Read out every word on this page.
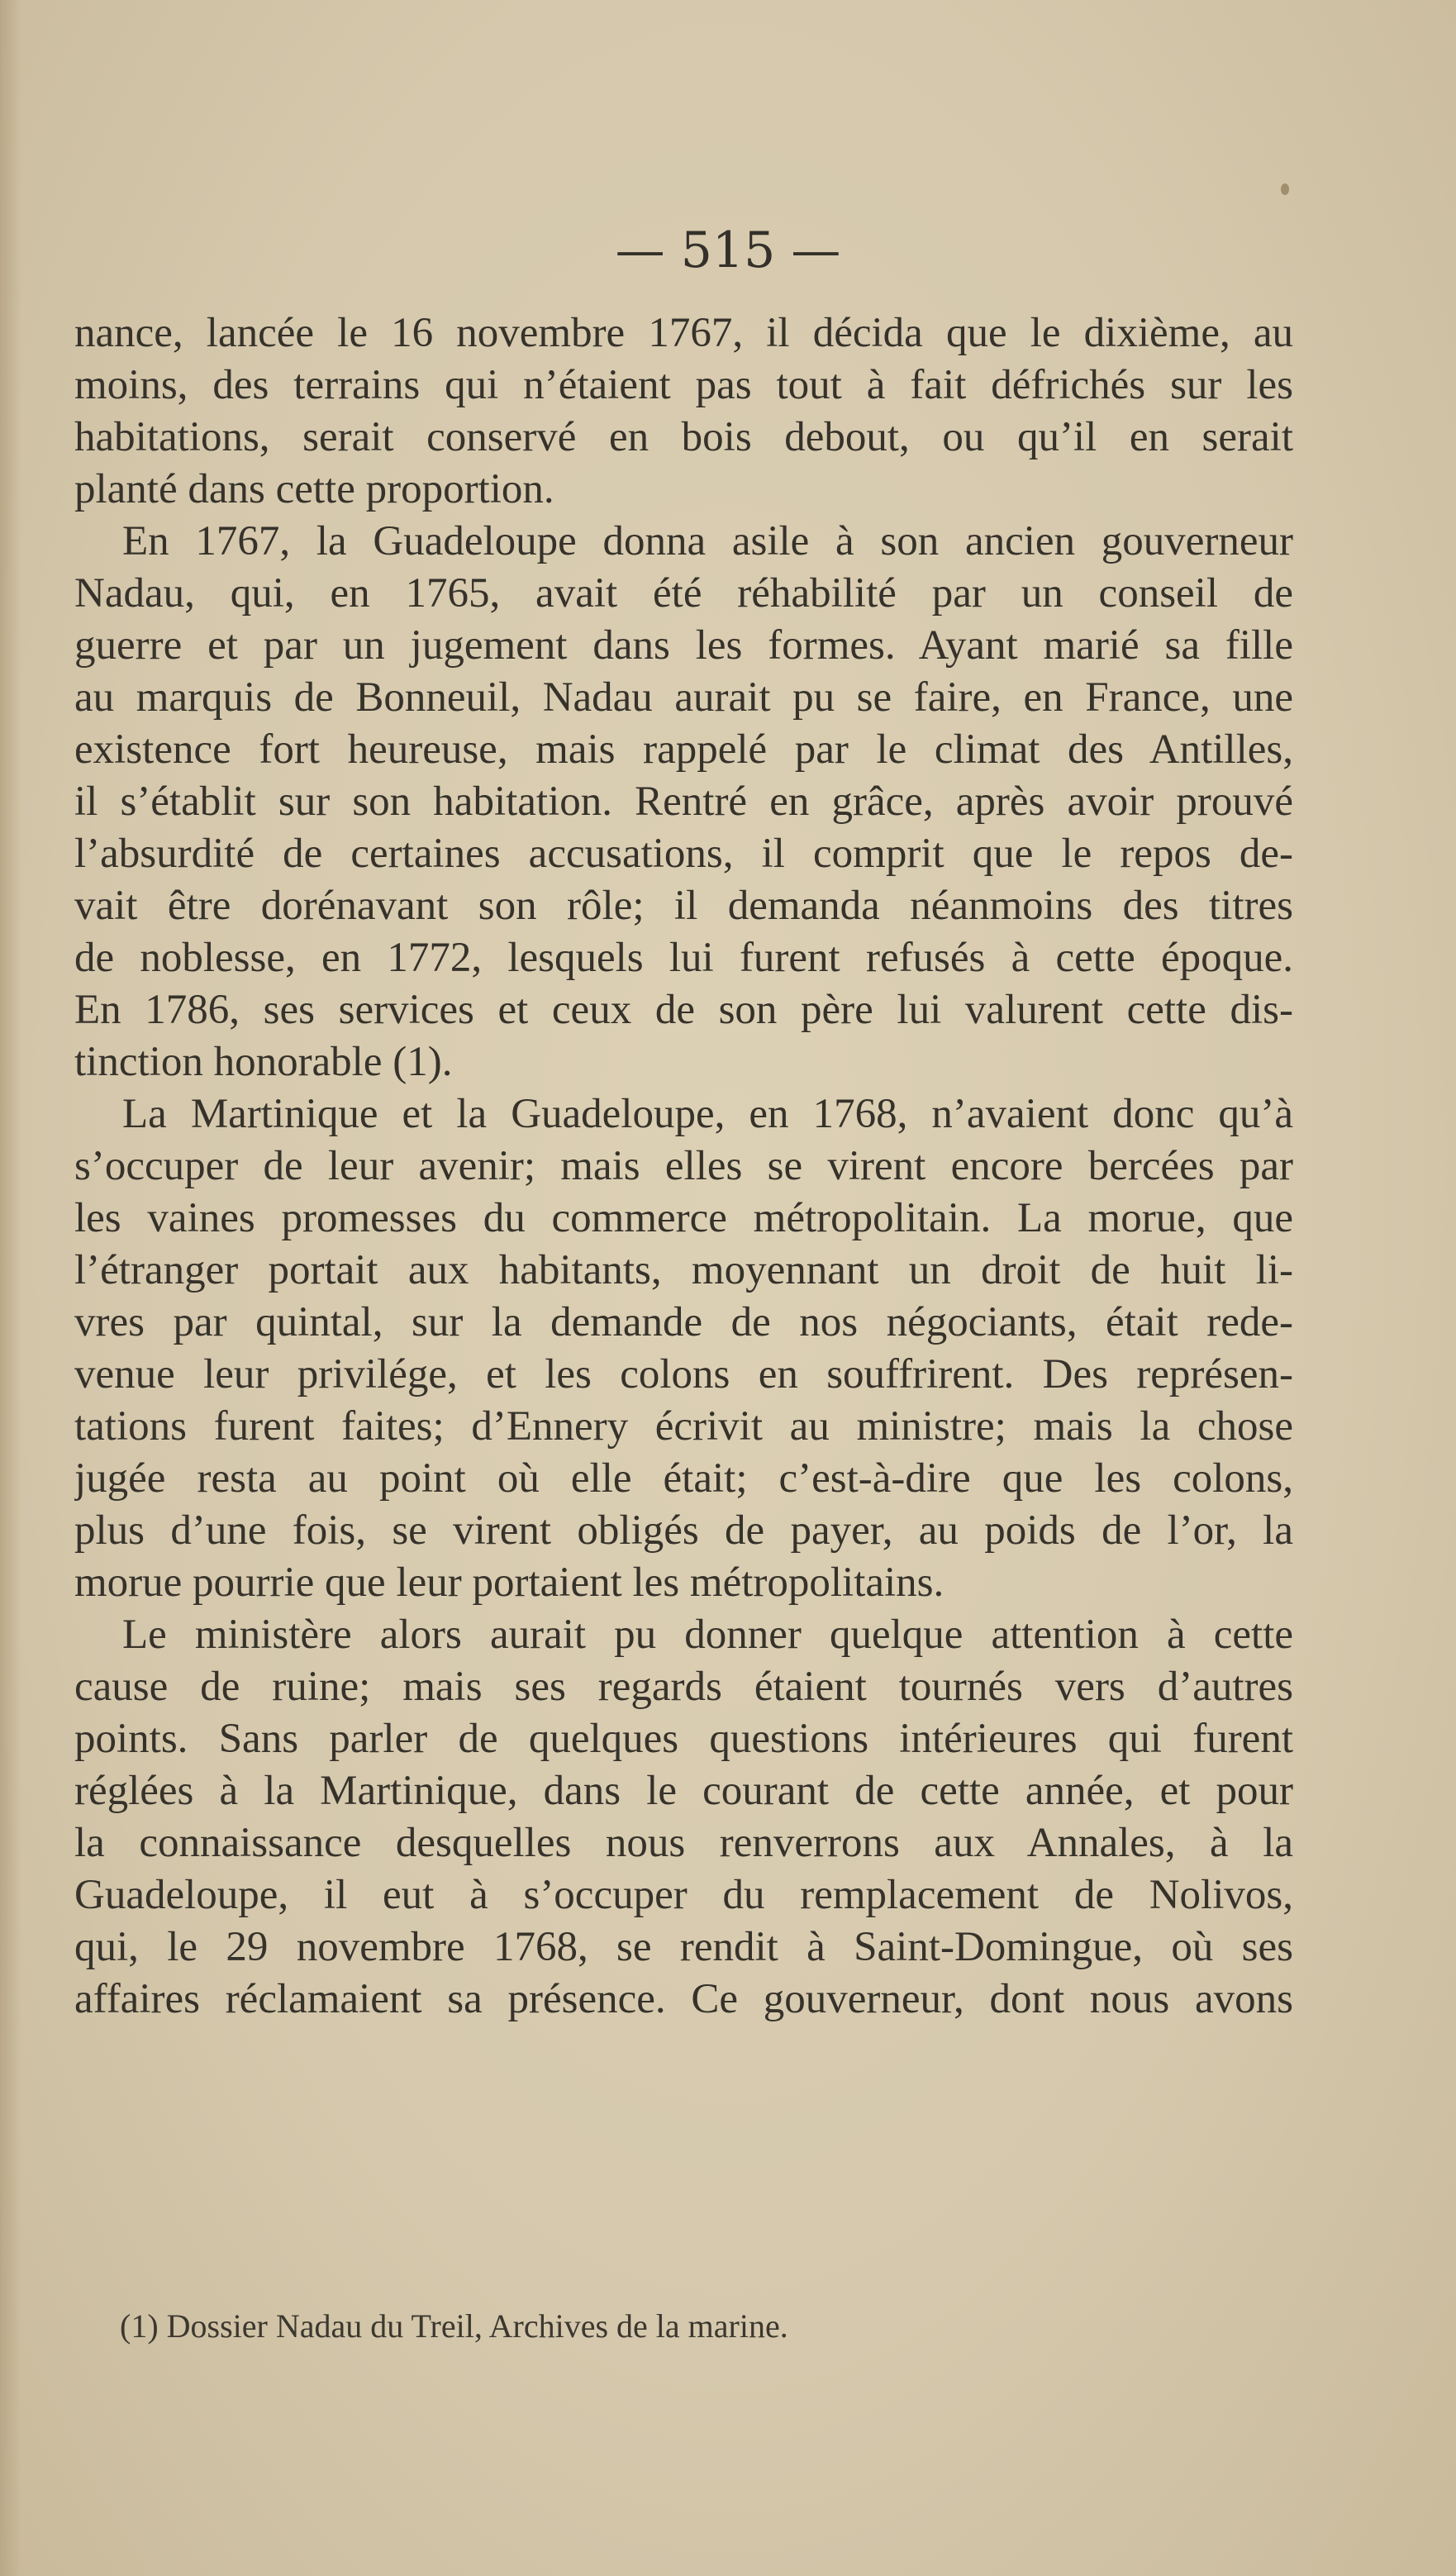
— 515 —

nance, lancée le 16 novembre 1767, il décida que le dixième, au
moins, des terrains qui n’étaient pas tout à fait défrichés sur les
habitations, serait conservé en bois debout, ou qu’il en serait
planté dans cette proportion.
En 1767, la Guadeloupe donna asile à son ancien gouverneur
Nadau, qui, en 1765, avait été réhabilité par un conseil de
guerre et par un jugement dans les formes. Ayant marié sa fille
au marquis de Bonneuil, Nadau aurait pu se faire, en France, une
existence fort heureuse, mais rappelé par le climat des Antilles,
il s’établit sur son habitation. Rentré en grâce, après avoir prouvé
l’absurdité de certaines accusations, il comprit que le repos de-
vait être dorénavant son rôle; il demanda néanmoins des titres
de noblesse, en 1772, lesquels lui furent refusés à cette époque.
En 1786, ses services et ceux de son père lui valurent cette dis-
tinction honorable (1).
La Martinique et la Guadeloupe, en 1768, n’avaient donc qu’à
s’occuper de leur avenir; mais elles se virent encore bercées par
les vaines promesses du commerce métropolitain. La morue, que
l’étranger portait aux habitants, moyennant un droit de huit li-
vres par quintal, sur la demande de nos négociants, était rede-
venue leur privilége, et les colons en souffrirent. Des représen-
tations furent faites; d’Ennery écrivit au ministre; mais la chose
jugée resta au point où elle était; c’est-à-dire que les colons,
plus d’une fois, se virent obligés de payer, au poids de l’or, la
morue pourrie que leur portaient les métropolitains.
Le ministère alors aurait pu donner quelque attention à cette
cause de ruine; mais ses regards étaient tournés vers d’autres
points. Sans parler de quelques questions intérieures qui furent
réglées à la Martinique, dans le courant de cette année, et pour
la connaissance desquelles nous renverrons aux Annales, à la
Guadeloupe, il eut à s’occuper du remplacement de Nolivos,
qui, le 29 novembre 1768, se rendit à Saint-Domingue, où ses
affaires réclamaient sa présence. Ce gouverneur, dont nous avons

(1) Dossier Nadau du Treil, Archives de la marine.
